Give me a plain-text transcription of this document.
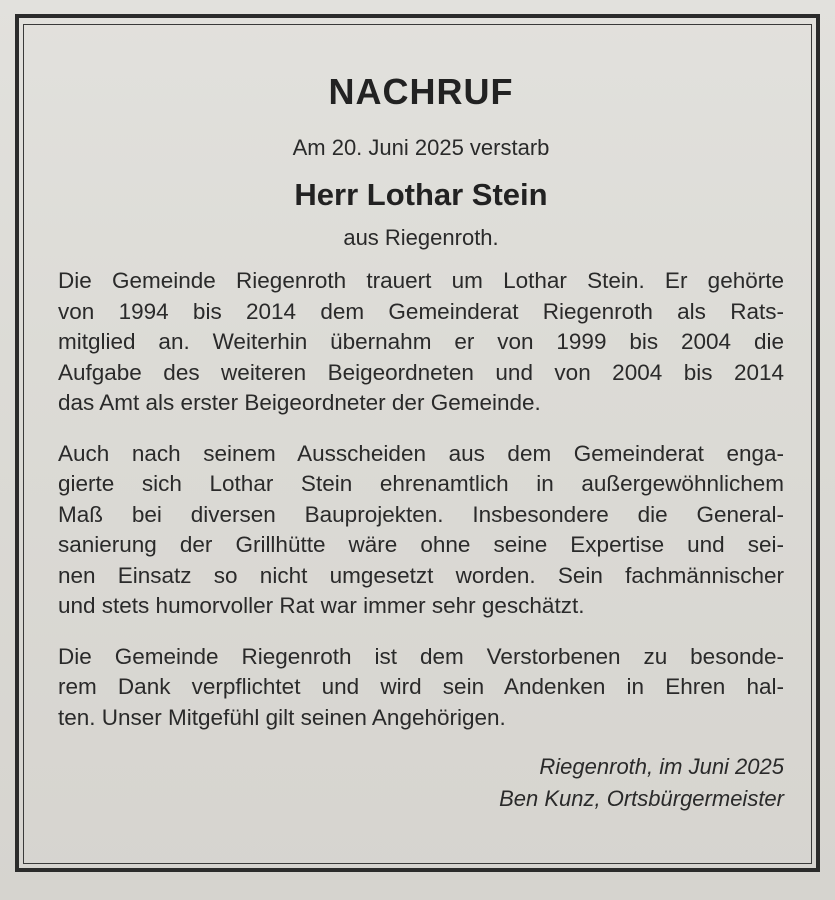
NACHRUF
Am 20. Juni 2025 verstarb
Herr Lothar Stein
aus Riegenroth.
Die Gemeinde Riegenroth trauert um Lothar Stein. Er gehörte
von 1994 bis 2014 dem Gemeinderat Riegenroth als Rats-
mitglied an. Weiterhin übernahm er von 1999 bis 2004 die
Aufgabe des weiteren Beigeordneten und von 2004 bis 2014
das Amt als erster Beigeordneter der Gemeinde.
Auch nach seinem Ausscheiden aus dem Gemeinderat enga-
gierte sich Lothar Stein ehrenamtlich in außergewöhnlichem
Maß bei diversen Bauprojekten. Insbesondere die General-
sanierung der Grillhütte wäre ohne seine Expertise und sei-
nen Einsatz so nicht umgesetzt worden. Sein fachmännischer
und stets humorvoller Rat war immer sehr geschätzt.
Die Gemeinde Riegenroth ist dem Verstorbenen zu besonde-
rem Dank verpflichtet und wird sein Andenken in Ehren hal-
ten. Unser Mitgefühl gilt seinen Angehörigen.
Riegenroth, im Juni 2025
Ben Kunz, Ortsbürgermeister
